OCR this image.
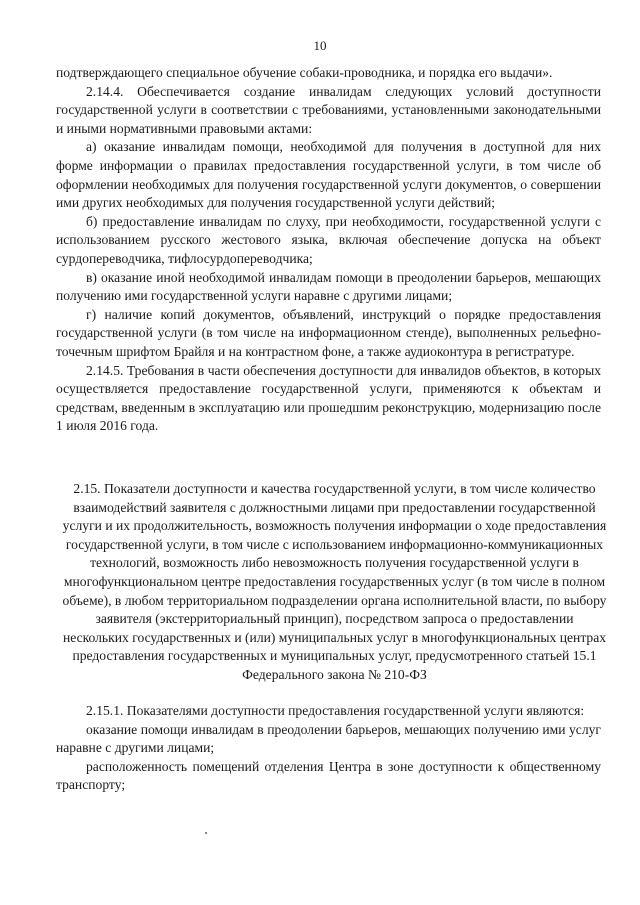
10

подтверждающего специальное обучение собаки-проводника, и порядка его выдачи».

2.14.4. Обеспечивается создание инвалидам следующих условий доступности государственной услуги в соответствии с требованиями, установленными законодательными и иными нормативными правовыми актами:

а) оказание инвалидам помощи, необходимой для получения в доступной для них форме информации о правилах предоставления государственной услуги, в том числе об оформлении необходимых для получения государственной услуги документов, о совершении ими других необходимых для получения государственной услуги действий;

б) предоставление инвалидам по слуху, при необходимости, государственной услуги с использованием русского жестового языка, включая обеспечение допуска на объект сурдопереводчика, тифлосурдопереводчика;

в) оказание иной необходимой инвалидам помощи в преодолении барьеров, мешающих получению ими государственной услуги наравне с другими лицами;

г) наличие копий документов, объявлений, инструкций о порядке предоставления государственной услуги (в том числе на информационном стенде), выполненных рельефно-точечным шрифтом Брайля и на контрастном фоне, а также аудиоконтура в регистратуре.

2.14.5. Требования в части обеспечения доступности для инвалидов объектов, в которых осуществляется предоставление государственной услуги, применяются к объектам и средствам, введенным в эксплуатацию или прошедшим реконструкцию, модернизацию после 1 июля 2016 года.

2.15. Показатели доступности и качества государственной услуги, в том числе количество взаимодействий заявителя с должностными лицами при предоставлении государственной услуги и их продолжительность, возможность получения информации о ходе предоставления государственной услуги, в том числе с использованием информационно-коммуникационных технологий, возможность либо невозможность получения государственной услуги в многофункциональном центре предоставления государственных услуг (в том числе в полном объеме), в любом территориальном подразделении органа исполнительной власти, по выбору заявителя (экстерриториальный принцип), посредством запроса о предоставлении нескольких государственных и (или) муниципальных услуг в многофункциональных центрах предоставления государственных и муниципальных услуг, предусмотренного статьей 15.1 Федерального закона № 210-ФЗ

2.15.1. Показателями доступности предоставления государственной услуги являются:

оказание помощи инвалидам в преодолении барьеров, мешающих получению ими услуг наравне с другими лицами;

расположенность помещений отделения Центра в зоне доступности к общественному транспорту;
